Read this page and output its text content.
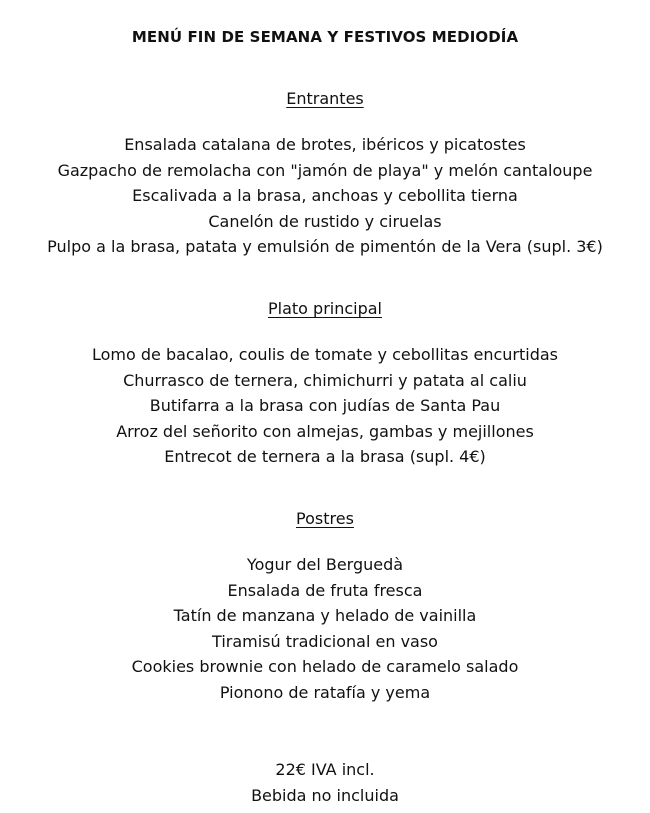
MENÚ FIN DE SEMANA Y FESTIVOS MEDIODÍA
Entrantes
Ensalada catalana de brotes, ibéricos y picatostes
Gazpacho de remolacha con "jamón de playa" y melón cantaloupe
Escalivada a la brasa, anchoas y cebollita tierna
Canelón de rustido y ciruelas
Pulpo a la brasa, patata y emulsión de pimentón de la Vera (supl. 3€)
Plato principal
Lomo de bacalao, coulis de tomate y cebollitas encurtidas
Churrasco de ternera, chimichurri y patata al caliu
Butifarra a la brasa con judías de Santa Pau
Arroz del señorito con almejas, gambas y mejillones
Entrecot de ternera a la brasa (supl. 4€)
Postres
Yogur del Berguedà
Ensalada de fruta fresca
Tatín de manzana y helado de vainilla
Tiramisú tradicional en vaso
Cookies brownie con helado de caramelo salado
Pionono de ratafía y yema
22€ IVA incl.
Bebida no incluida
